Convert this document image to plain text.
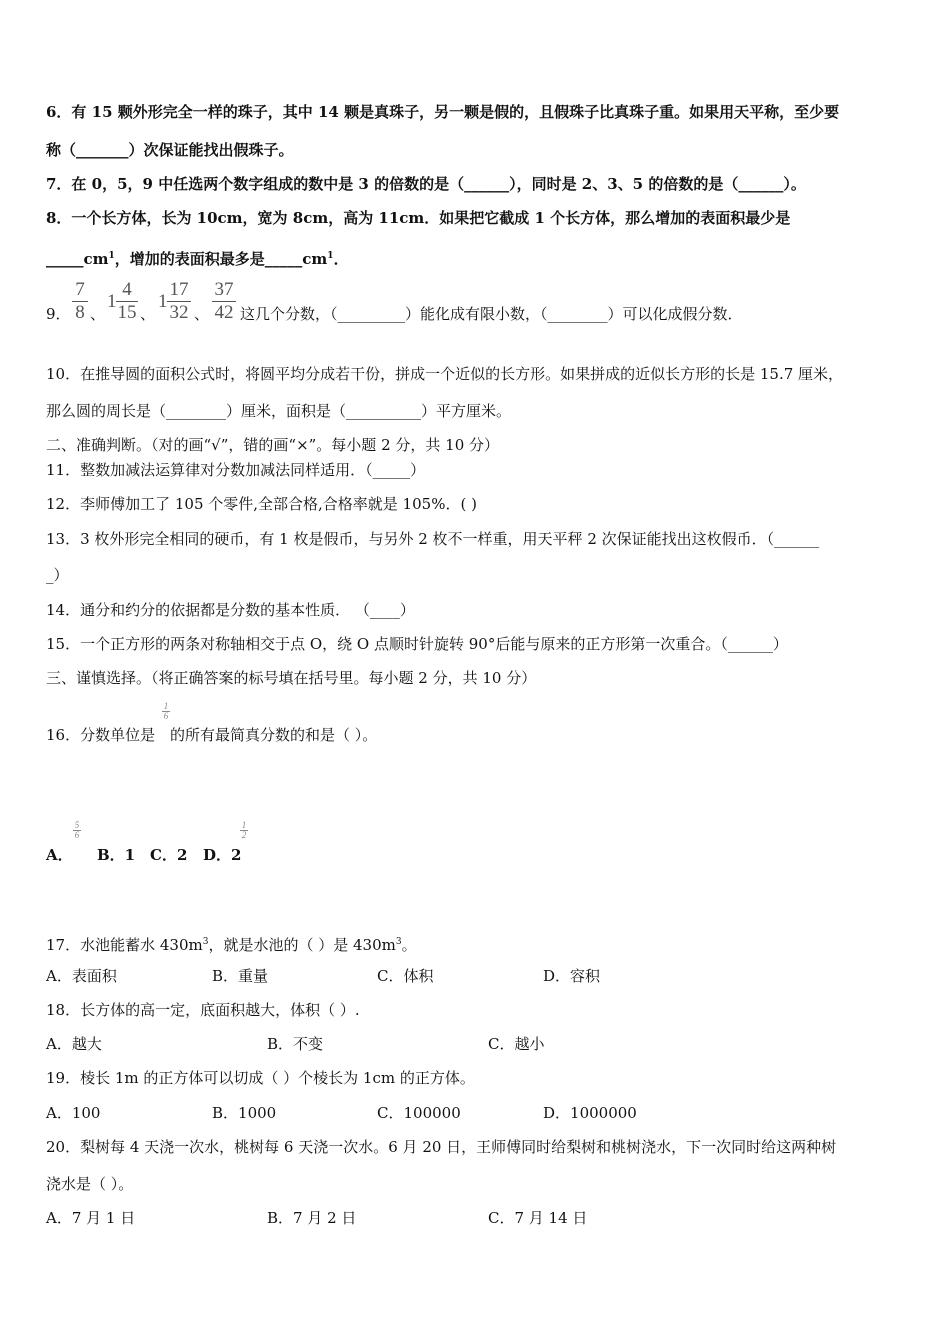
6．有 15 颗外形完全一样的珠子，其中 14 颗是真珠子，另一颗是假的，且假珠子比真珠子重。如果用天平称，至少要
称（_______）次保证能找出假珠子。
7．在 0，5，9 中任选两个数字组成的数中是 3 的倍数的是（______），同时是 2、3、5 的倍数的是（______）。
8．一个长方体，长为 10cm，宽为 8cm，高为 11cm．如果把它截成 1 个长方体，那么增加的表面积最少是
$\_\_\_\_\_cm^1$，增加的表面积最多是$\_\_\_\_\_cm^1$．
9．
7
8 、
1
4
15 、
1
17
32 、
37
42 这几个分数，（_________）能化成有限小数，（________）可以化成假分数．
10．在推导圆的面积公式时，将圆平均分成若干份，拼成一个近似的长方形。如果拼成的近似长方形的长是 15.7 厘米，
那么圆的周长是（________）厘米，面积是（__________）平方厘米。
二、准确判断。（对的画“√”，错的画“×”。每小题 2 分，共 10 分）
11．整数加减法运算律对分数加减法同样适用．（_____）
12．李师傅加工了 105 个零件,全部合格,合格率就是 105%．( )
13．3 枚外形完全相同的硬币，有 1 枚是假币，与另外 2 枚不一样重，用天平秤 2 次保证能找出这枚假币．（______
_）
14．通分和约分的依据都是分数的基本性质． （____）
15．一个正方形的两条对称轴相交于点 O，绕 O 点顺时针旋转 90°后能与原来的正方形第一次重合。（______）
三、谨慎选择。（将正确答案的标号填在括号里。每小题 2 分，共 10 分）
16．分数单位是
1
6
的所有最简真分数的和是（ ）。
A．
5
6
B．1 C．2 D．2
1
2
17．水池能蓄水 $430m^3$，就是水池的（ ）是 $430m^3$。
A．表面积	B．重量	C．体积	D．容积
18．长方体的高一定，底面积越大，体积（ ）.
A．越大	B．不变	C．越小
19．棱长 1m 的正方体可以切成（ ）个棱长为 1cm 的正方体。
A．100	B．1000	C．100000	D．1000000
20．梨树每 4 天浇一次水，桃树每 6 天浇一次水。6 月 20 日，王师傅同时给梨树和桃树浇水，下一次同时给这两种树
浇水是（ ）。
A．7 月 1 日	B．7 月 2 日	C．7 月 14 日
